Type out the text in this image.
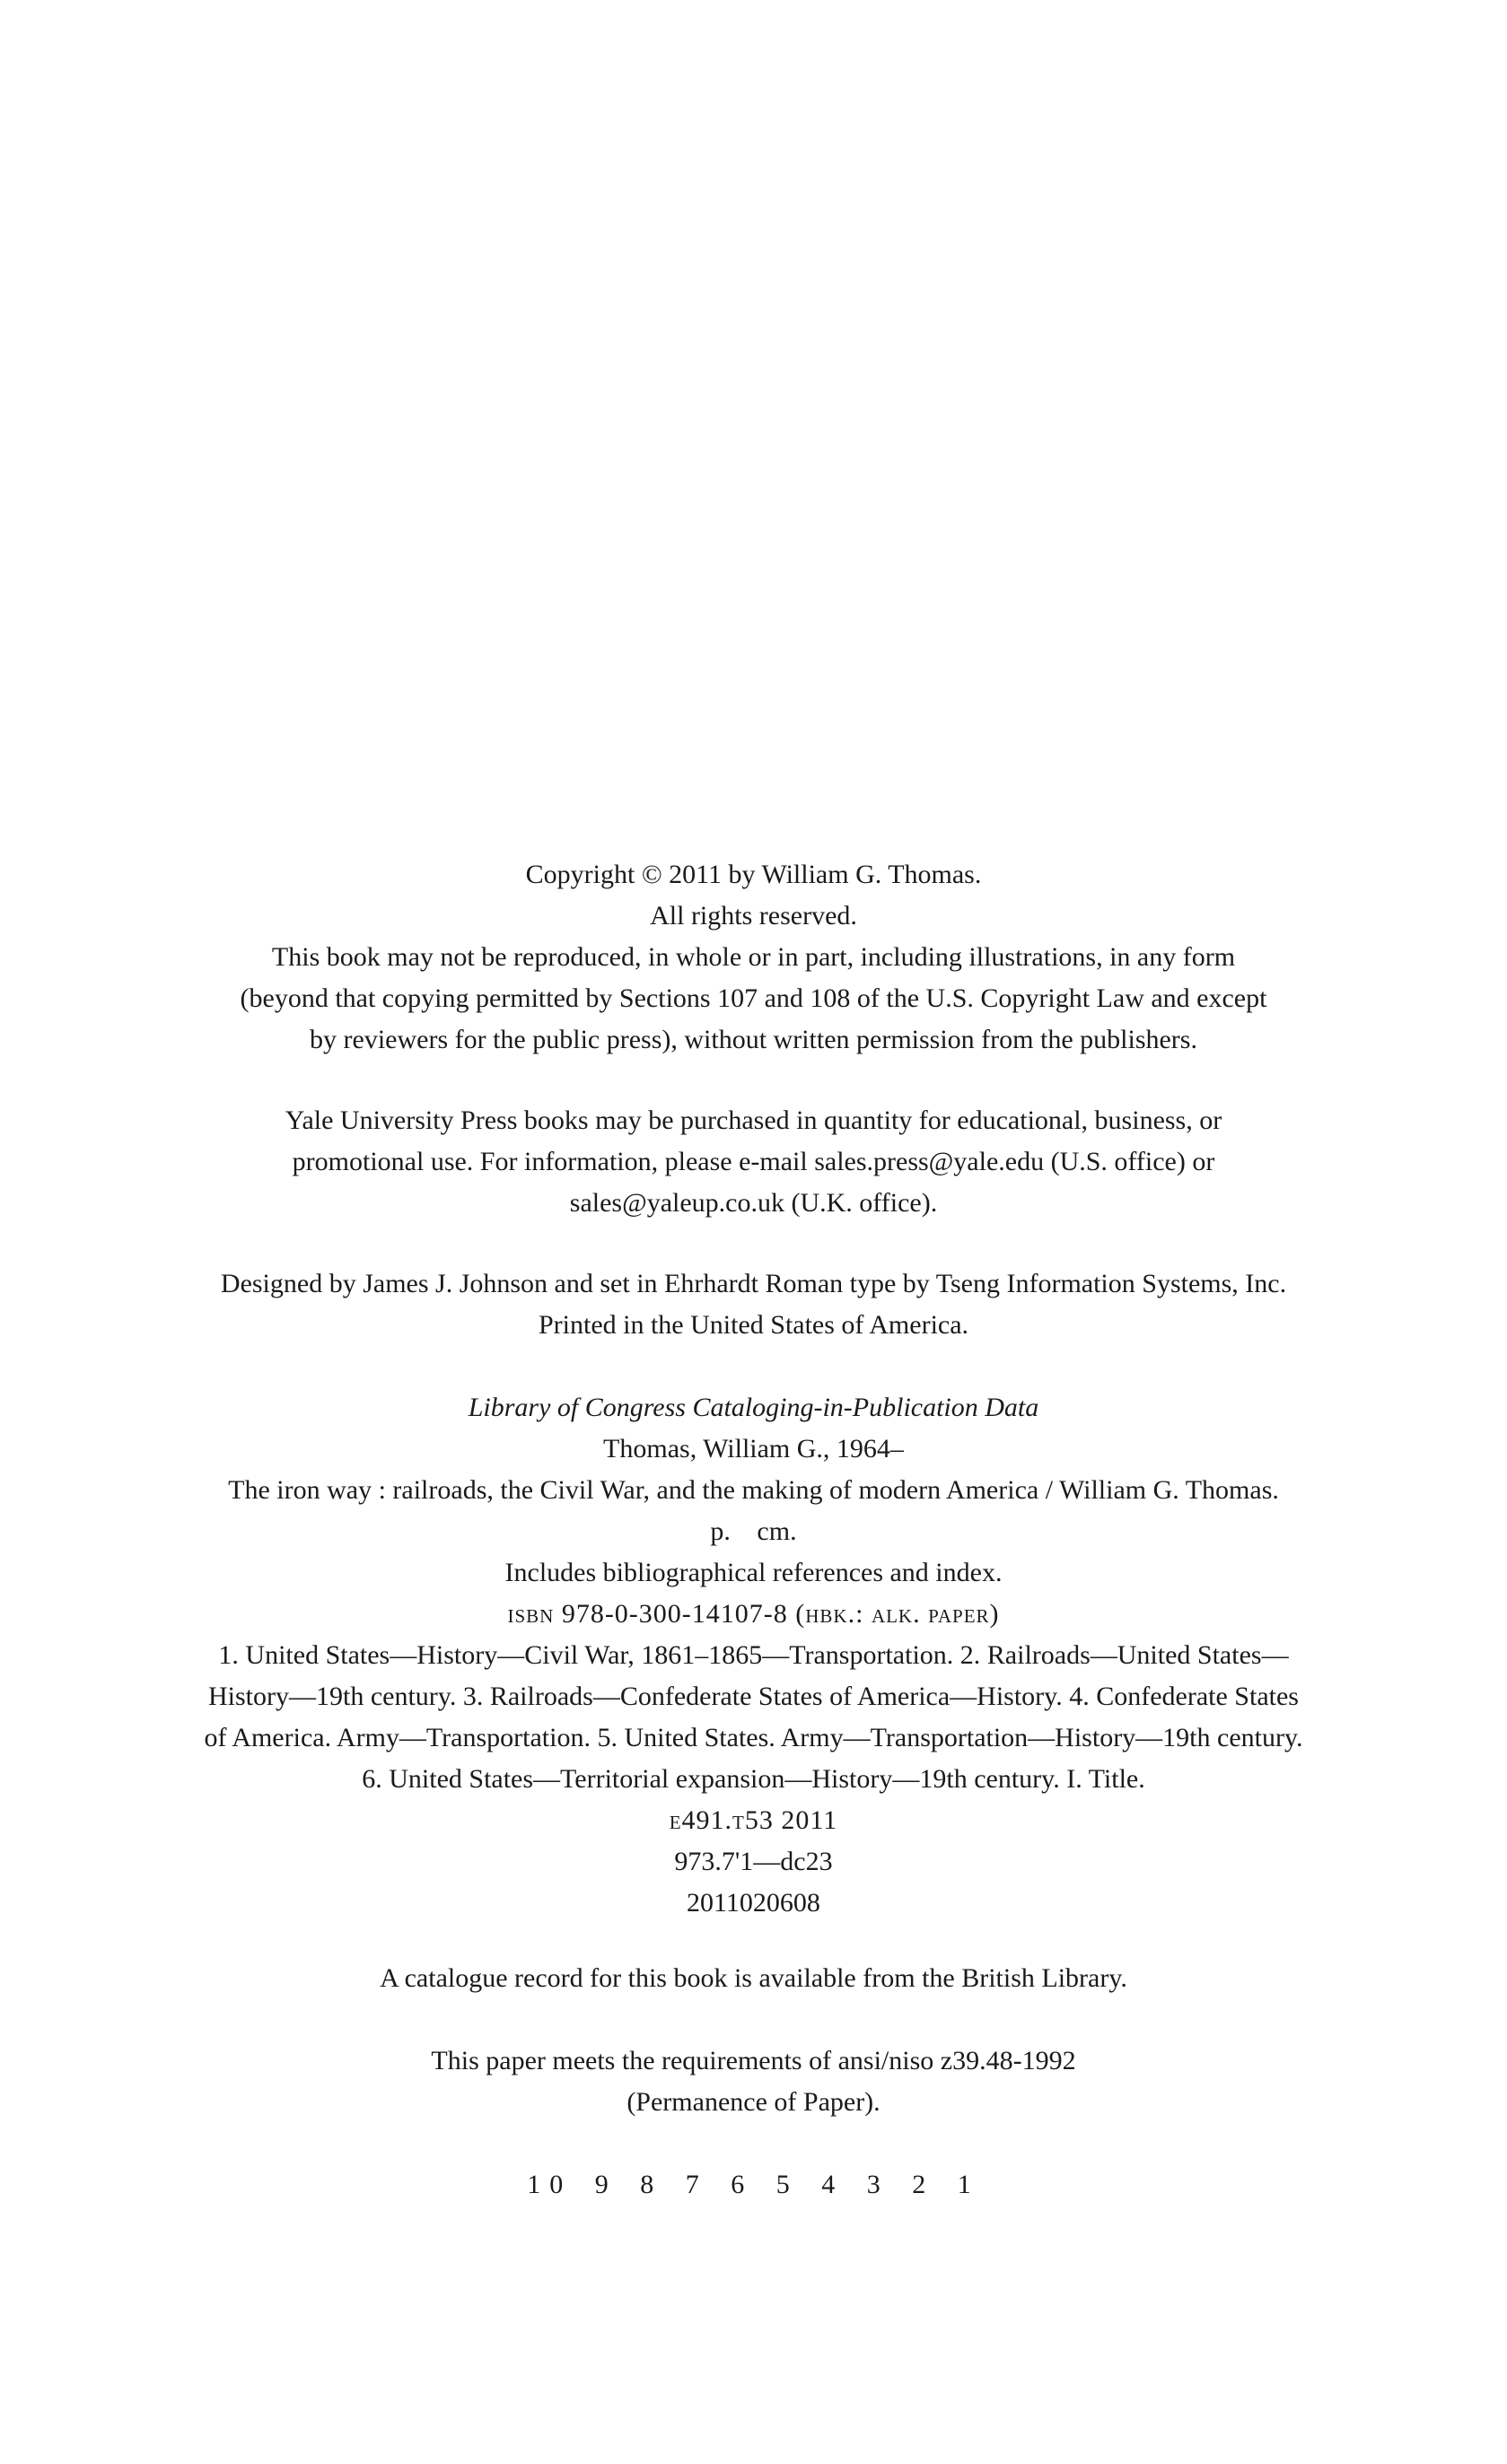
Copyright © 2011 by William G. Thomas.
All rights reserved.
This book may not be reproduced, in whole or in part, including illustrations, in any form
(beyond that copying permitted by Sections 107 and 108 of the U.S. Copyright Law and except
by reviewers for the public press), without written permission from the publishers.
Yale University Press books may be purchased in quantity for educational, business, or
promotional use. For information, please e-mail sales.press@yale.edu (U.S. office) or
sales@yaleup.co.uk (U.K. office).
Designed by James J. Johnson and set in Ehrhardt Roman type by Tseng Information Systems, Inc.
Printed in the United States of America.
Library of Congress Cataloging-in-Publication Data
Thomas, William G., 1964–
The iron way : railroads, the Civil War, and the making of modern America / William G. Thomas.
p. cm.
Includes bibliographical references and index.
isbn 978-0-300-14107-8 (hbk.: alk. paper)
1. United States—History—Civil War, 1861–1865—Transportation. 2. Railroads—United States—
History—19th century. 3. Railroads—Confederate States of America—History. 4. Confederate States
of America. Army—Transportation. 5. United States. Army—Transportation—History—19th century.
6. United States—Territorial expansion—History—19th century. I. Title.
e491.t53 2011
973.7'1—dc23
2011020608
A catalogue record for this book is available from the British Library.
This paper meets the requirements of ansi/niso z39.48-1992
(Permanence of Paper).
10 9 8 7 6 5 4 3 2 1
